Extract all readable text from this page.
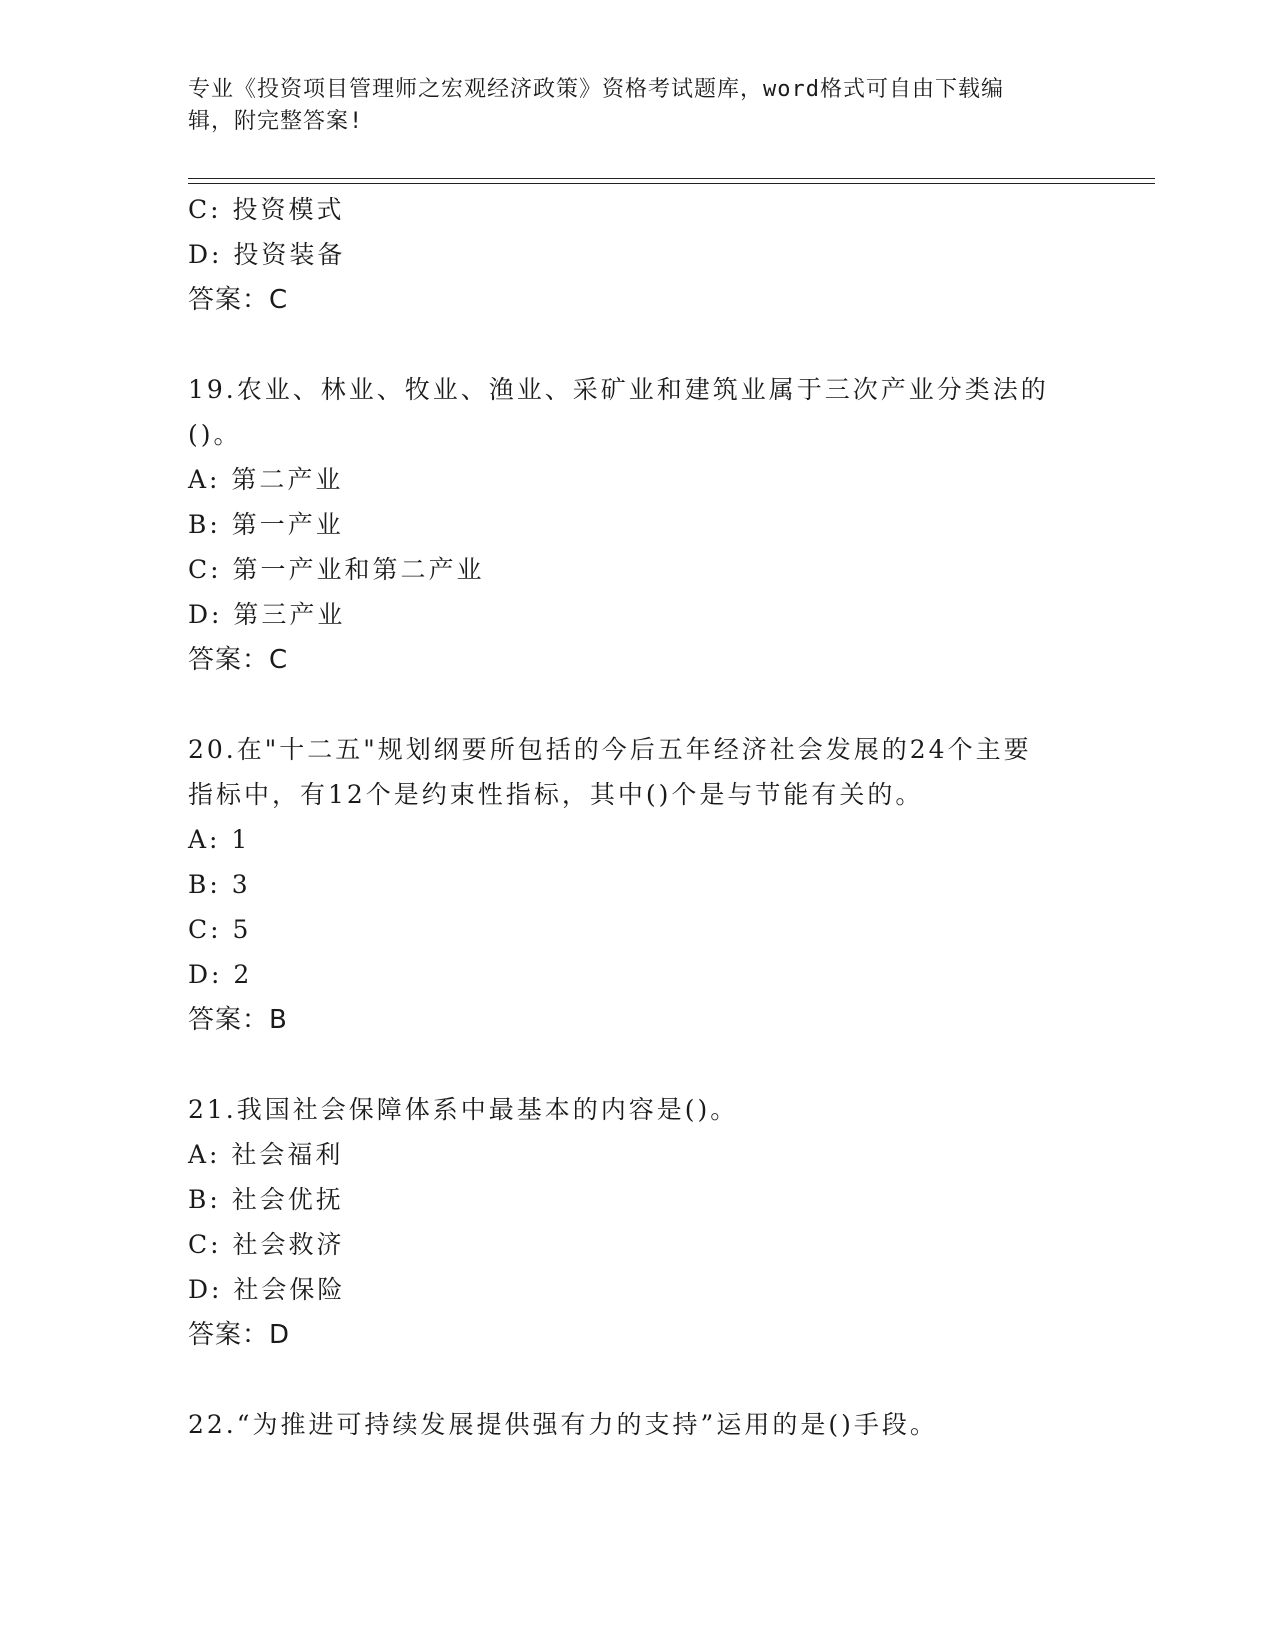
专业《投资项目管理师之宏观经济政策》资格考试题库，word格式可自由下载编
辑，附完整答案!
C: 投资模式
D: 投资装备
答案：C
19.农业、林业、牧业、渔业、采矿业和建筑业属于三次产业分类法的
()。
A: 第二产业
B: 第一产业
C: 第一产业和第二产业
D: 第三产业
答案：C
20.在"十二五"规划纲要所包括的今后五年经济社会发展的24个主要
指标中，有12个是约束性指标，其中()个是与节能有关的。
A: 1
B: 3
C: 5
D: 2
答案：B
21.我国社会保障体系中最基本的内容是()。
A: 社会福利
B: 社会优抚
C: 社会救济
D: 社会保险
答案：D
22.“为推进可持续发展提供强有力的支持”运用的是()手段。
